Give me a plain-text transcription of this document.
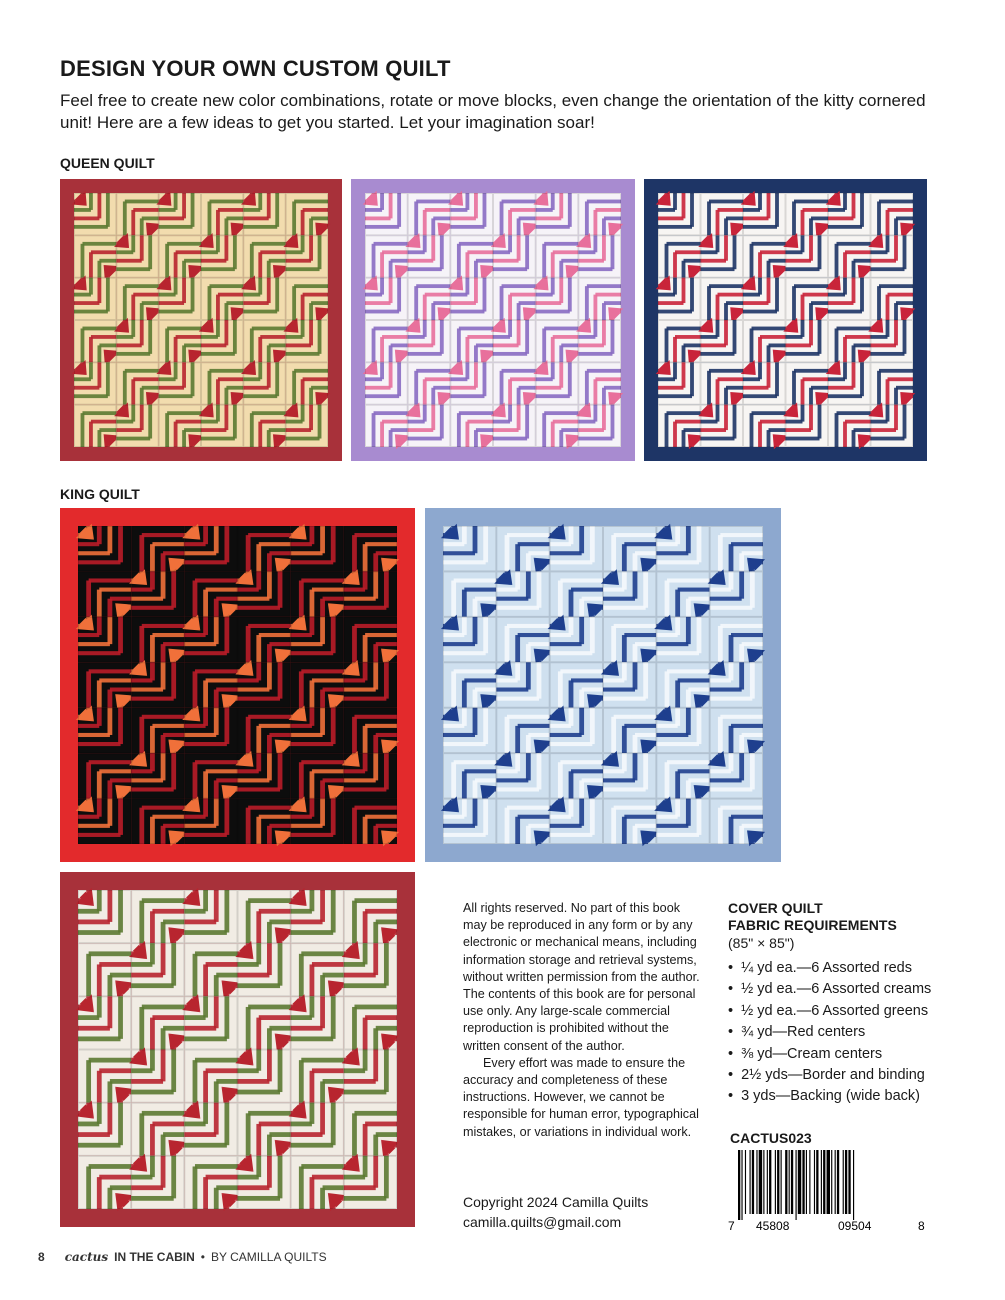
DESIGN YOUR OWN CUSTOM QUILT

Feel free to create new color combinations, rotate or move blocks, even change the orientation of the kitty cornered unit! Here are a few ideas to get you started. Let your imagination soar!

QUEEN QUILT

KING QUILT

All rights reserved. No part of this book may be reproduced in any form or by any electronic or mechanical means, including information storage and retrieval systems, without written permission from the author. The contents of this book are for personal use only. Any large-scale commercial reproduction is prohibited without the written consent of the author.

Every effort was made to ensure the accuracy and completeness of these instructions. However, we cannot be responsible for human error, typographical mistakes, or variations in individual work.

Copyright 2024 Camilla Quilts
camilla.quilts@gmail.com
COVER QUILT
FABRIC REQUIREMENTS
(85" × 85")
• ¼ yd ea.—6 Assorted reds
• ½ yd ea.—6 Assorted creams
• ½ yd ea.—6 Assorted greens
• ¾ yd—Red centers
• ⅜ yd—Cream centers
• 2½ yds—Border and binding
• 3 yds—Backing (wide back)
CACTUS023
7 45808	09504	8
8 cactus IN THE CABIN • BY CAMILLA QUILTS
